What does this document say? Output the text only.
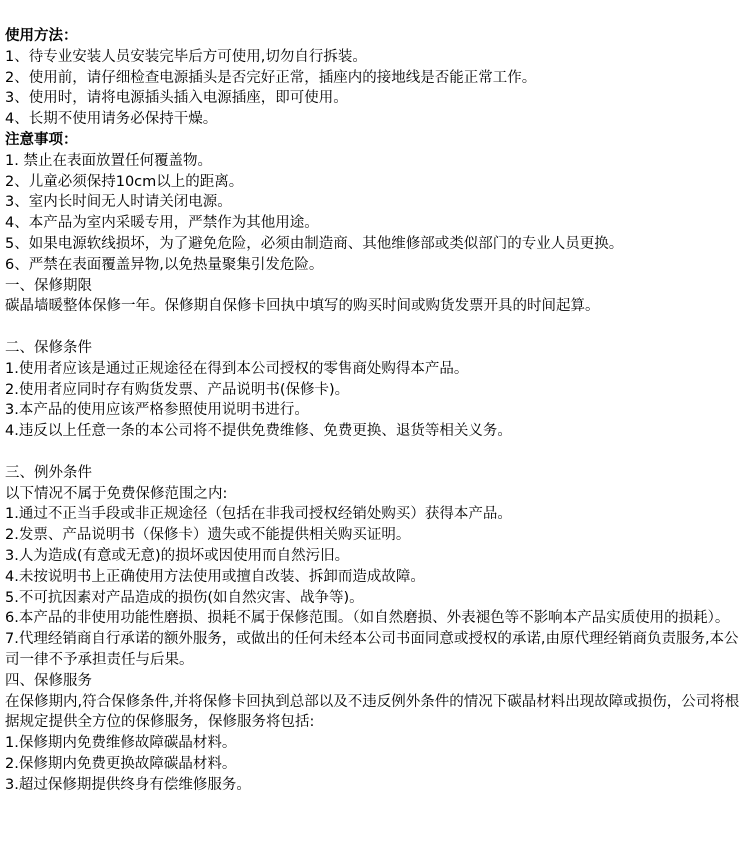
使用方法：

1、待专业安装人员安装完毕后方可使用,切勿自行拆装。

2、使用前，请仔细检查电源插头是否完好正常，插座内的接地线是否能正常工作。

3、使用时，请将电源插头插入电源插座，即可使用。

4、长期不使用请务必保持干燥。

注意事项：

1. 禁止在表面放置任何覆盖物。

2、儿童必须保持10cm以上的距离。

3、室内长时间无人时请关闭电源。

4、本产品为室内采暖专用，严禁作为其他用途。

5、如果电源软线损坏，为了避免危险，必须由制造商、其他维修部或类似部门的专业人员更换。

6、严禁在表面覆盖异物,以免热量聚集引发危险。

一、保修期限

碳晶墙暖整体保修一年。保修期自保修卡回执中填写的购买时间或购货发票开具的时间起算。

二、保修条件

1.使用者应该是通过正规途径在得到本公司授权的零售商处购得本产品。

2.使用者应同时存有购货发票、产品说明书(保修卡)。

3.本产品的使用应该严格参照使用说明书进行。

4.违反以上任意一条的本公司将不提供免费维修、免费更换、退货等相关义务。

三、例外条件

以下情况不属于免费保修范围之内:

1.通过不正当手段或非正规途径（包括在非我司授权经销处购买）获得本产品。

2.发票、产品说明书（保修卡）遗失或不能提供相关购买证明。

3.人为造成(有意或无意)的损坏或因使用而自然污旧。

4.未按说明书上正确使用方法使用或擅自改装、拆卸而造成故障。

5.不可抗因素对产品造成的损伤(如自然灾害、战争等)。

6.本产品的非使用功能性磨损、损耗不属于保修范围。（如自然磨损、外表褪色等不影响本产品实质使用的损耗）。

7.代理经销商自行承诺的额外服务，或做出的任何未经本公司书面同意或授权的承诺,由原代理经销商负责服务,本公司一律不予承担责任与后果。

四、保修服务

在保修期内,符合保修条件,并将保修卡回执到总部以及不违反例外条件的情况下碳晶材料出现故障或损伤，公司将根据规定提供全方位的保修服务，保修服务将包括:

1.保修期内免费维修故障碳晶材料。

2.保修期内免费更换故障碳晶材料。

3.超过保修期提供终身有偿维修服务。
